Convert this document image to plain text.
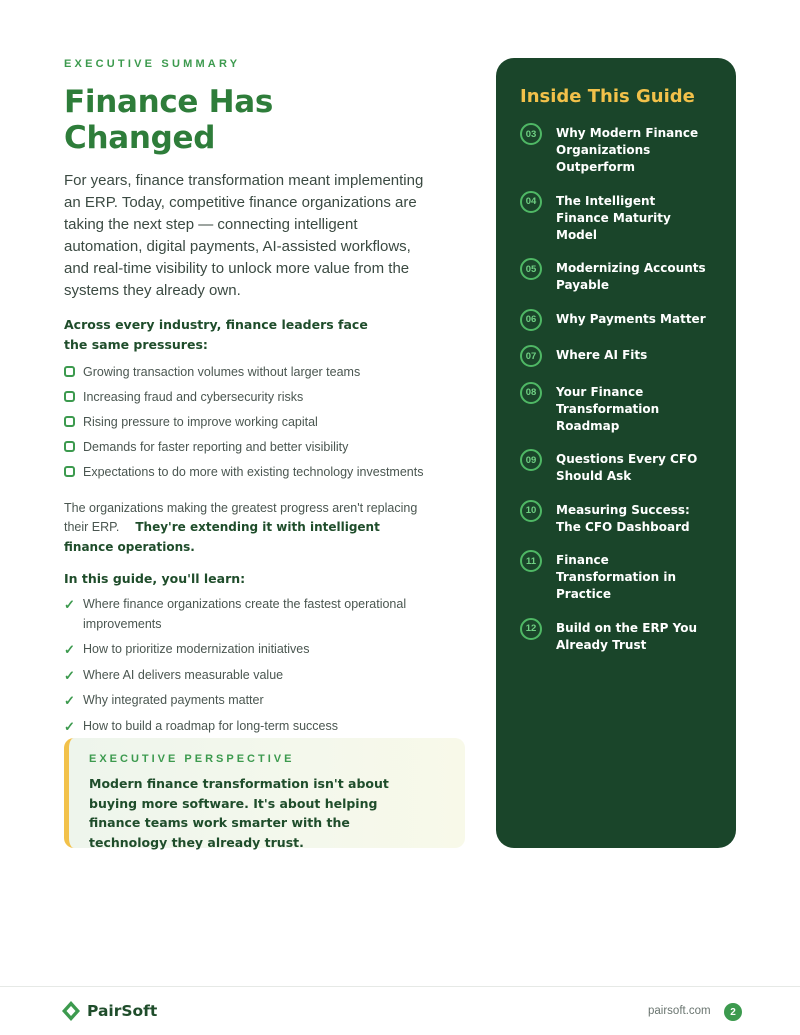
EXECUTIVE SUMMARY
Finance Has Changed

For years, finance transformation meant implementing an ERP. Today, competitive finance organizations are taking the next step — connecting intelligent automation, digital payments, AI-assisted workflows, and real-time visibility to unlock more value from the systems they already own.

Across every industry, finance leaders face the same pressures:

Growing transaction volumes without larger teams
Increasing fraud and cybersecurity risks
Rising pressure to improve working capital
Demands for faster reporting and better visibility
Expectations to do more with existing technology investments

The organizations making the greatest progress aren't replacing their ERP. They're extending it with intelligent finance operations.

In this guide, you'll learn:

✓ Where finance organizations create the fastest operational improvements
✓ How to prioritize modernization initiatives
✓ Where AI delivers measurable value
✓ Why integrated payments matter
✓ How to build a roadmap for long-term success
EXECUTIVE PERSPECTIVE

Modern finance transformation isn't about buying more software. It's about helping finance teams work smarter with the technology they already trust.

Inside This Guide
03	Why Modern Finance Organizations Outperform
04	The Intelligent Finance Maturity Model
05	Modernizing Accounts Payable
06	Why Payments Matter
07	Where AI Fits
08	Your Finance Transformation Roadmap
09	Questions Every CFO Should Ask
10	Measuring Success: The CFO Dashboard
11	Finance Transformation in Practice
12	Build on the ERP You Already Trust
PairSoft	pairsoft.com	2
